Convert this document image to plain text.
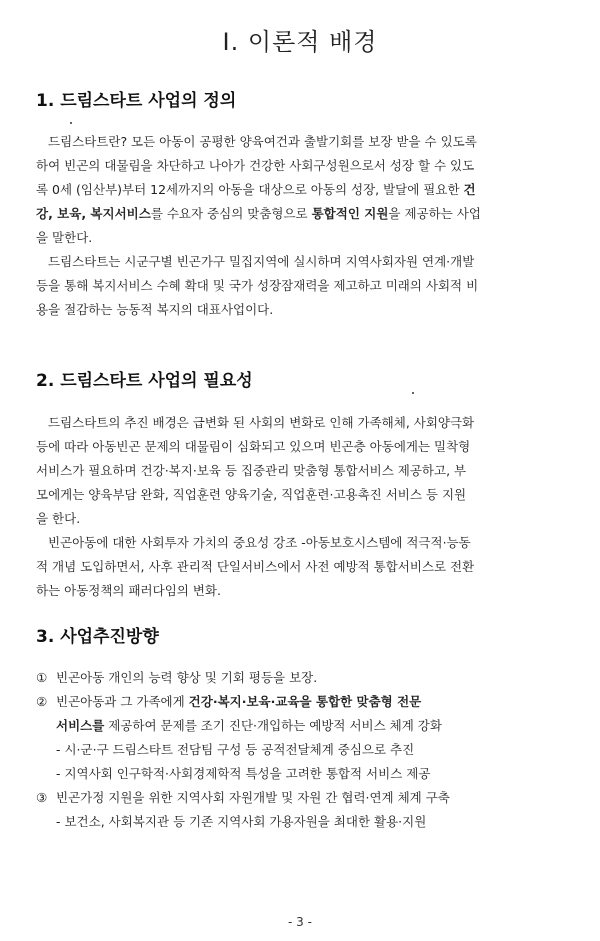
Ⅰ. 이론적 배경
1. 드림스타트 사업의 정의
드림스타트란? 모든 아동이 공평한 양육여건과 출발기회를 보장 받을 수 있도록
하여 빈곤의 대물림을 차단하고 나아가 건강한 사회구성원으로서 성장 할 수 있도
록 0세 (임산부)부터 12세까지의 아동을 대상으로 아동의 성장, 발달에 필요한 건
강, 보육, 복지서비스를 수요자 중심의 맞춤형으로 통합적인 지원을 제공하는 사업
을 말한다.
드림스타트는 시군구별 빈곤가구 밀집지역에 실시하며 지역사회자원 연계·개발
등을 통해 복지서비스 수혜 확대 및 국가 성장잠재력을 제고하고 미래의 사회적 비
용을 절감하는 능동적 복지의 대표사업이다.
2. 드림스타트 사업의 필요성
드림스타트의 추진 배경은 급변화 된 사회의 변화로 인해 가족해체, 사회양극화
등에 따라 아동빈곤 문제의 대물림이 심화되고 있으며 빈곤층 아동에게는 밀착형
서비스가 필요하며 건강·복지·보육 등 집중관리 맞춤형 통합서비스 제공하고, 부
모에게는 양육부담 완화, 직업훈련 양육기술, 직업훈련·고용촉진 서비스 등 지원
을 한다.
빈곤아동에 대한 사회투자 가치의 중요성 강조 -아동보호시스템에 적극적·능동
적 개념 도입하면서, 사후 관리적 단일서비스에서 사전 예방적 통합서비스로 전환
하는 아동정책의 패러다임의 변화.
3. 사업추진방향
① 빈곤아동 개인의 능력 향상 및 기회 평등을 보장.
② 빈곤아동과 그 가족에게 건강·복지·보육·교육을 통합한 맞춤형 전문
서비스를 제공하여 문제를 조기 진단·개입하는 예방적 서비스 체계 강화
- 시·군·구 드림스타트 전담팀 구성 등 공적전달체계 중심으로 추진
- 지역사회 인구학적·사회경제학적 특성을 고려한 통합적 서비스 제공
③ 빈곤가정 지원을 위한 지역사회 자원개발 및 자원 간 협력·연계 체계 구축
- 보건소, 사회복지관 등 기존 지역사회 가용자원을 최대한 활용·지원
- 3 -
